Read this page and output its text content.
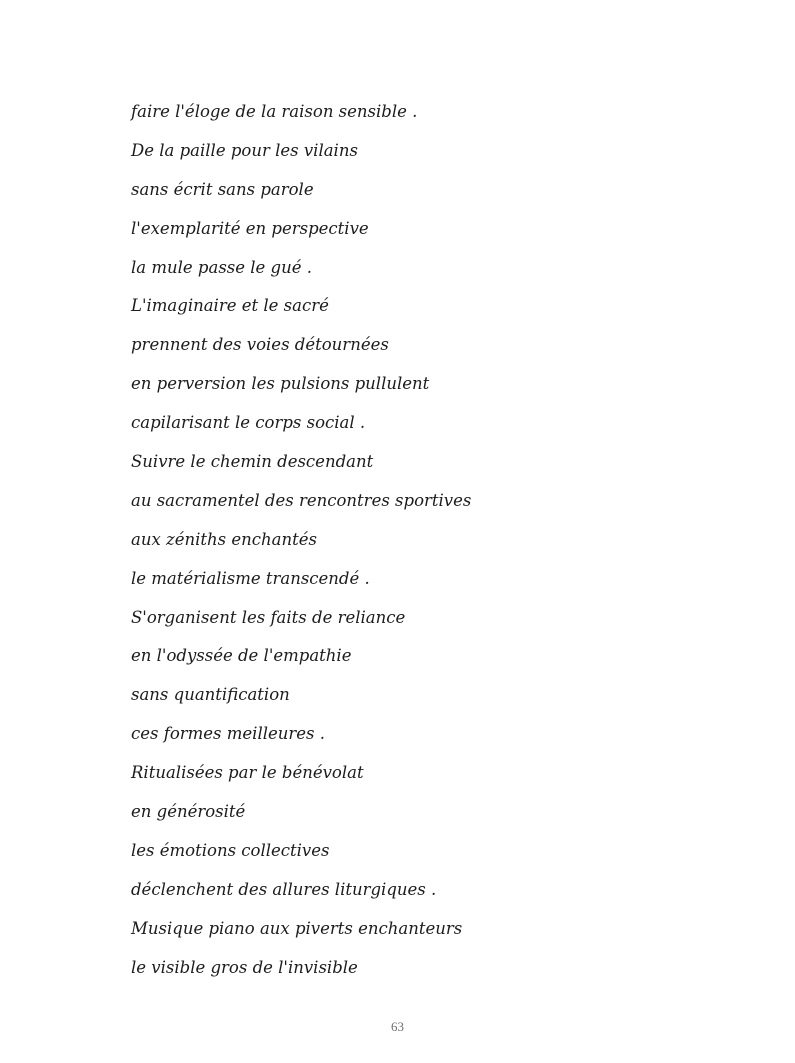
faire l'éloge de la raison sensible .

De la paille pour les vilains

sans écrit sans parole

l'exemplarité en perspective

la mule passe le gué .

L'imaginaire et le sacré

prennent des voies détournées

en perversion les pulsions pullulent

capilarisant le corps social .

Suivre le chemin descendant

au sacramentel des rencontres sportives

aux zéniths enchantés

le matérialisme transcendé .

S'organisent les faits de reliance

en l'odyssée de l'empathie

sans quantification

ces formes meilleures .

Ritualisées par le bénévolat

en générosité

les émotions collectives

déclenchent des allures liturgiques .

Musique piano aux piverts enchanteurs

le visible gros de l'invisible

63
